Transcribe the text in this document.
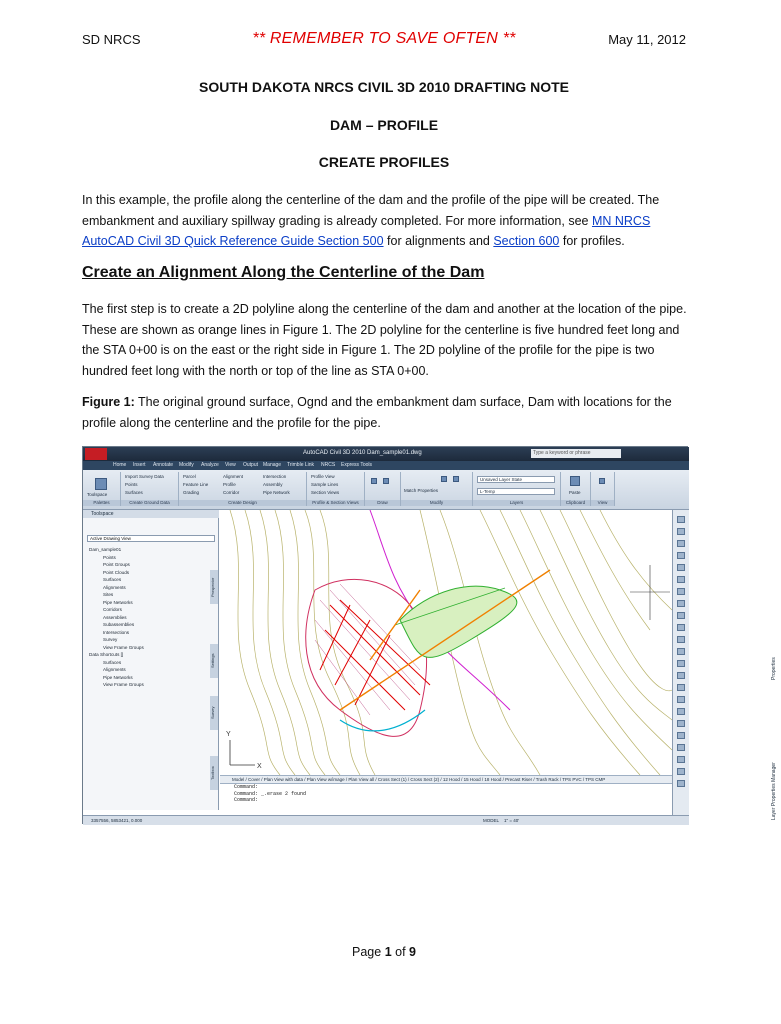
SD NRCS	** REMEMBER TO SAVE OFTEN **	May 11, 2012
SOUTH DAKOTA NRCS CIVIL 3D 2010 DRAFTING NOTE
DAM – PROFILE
CREATE PROFILES
In this example, the profile along the centerline of the dam and the profile of the pipe will be created. The embankment and auxiliary spillway grading is already completed. For more information, see MN NRCS AutoCAD Civil 3D Quick Reference Guide Section 500 for alignments and Section 600 for profiles.
Create an Alignment Along the Centerline of the Dam
The first step is to create a 2D polyline along the centerline of the dam and another at the location of the pipe. These are shown as orange lines in Figure 1. The 2D polyline for the centerline is five hundred feet long and the STA 0+00 is on the east or the right side in Figure 1. The 2D polyline of the profile for the pipe is two hundred feet long with the north or top of the line as STA 0+00.
Figure 1: The original ground surface, Ognd and the embankment dam surface, Dam with locations for the profile along the centerline and the profile for the pipe.
AutoCAD Civil 3D 2010 Dam_sample01.dwg	Type a keyword or phrase
Home Insert Annotate Modify Analyze View Output Manage Trimble Link NRCS Express Tools
Toolspace
Palettes
Import Survey Data
Points
Surfaces
Create Ground Data
Parcel
Feature Line
Grading
Alignment
Profile
Corridor
Intersection
Assembly
Pipe Network
Create Design
Profile View
Sample Lines
Section Views
Profile & Section Views	Draw
Match Properties
Modify
Unsaved Layer State
L-Temp
Layers
Paste
Clipboard	View
Toolspace
Active Drawing View
Dam_sample01
Points
Point Groups
Point Clouds
Surfaces
Alignments
Sites
Pipe Networks
Corridors
Assemblies
Subassemblies
Intersections
Survey
View Frame Groups
Data Shortcuts []
Surfaces
Alignments
Pipe Networks
View Frame Groups
Prospector
Settings
Survey
Toolbox
Y
X	Layer Properties Manager
Properties
Model / Cover / Plan View with data / Plan View w/image / Plan View all / Cross Sect (1) / Cross Sect (2) / 12 Hood / 15 Hood / 18 Hood / Precast Riser / Trash Rack / TPS PVC / TPS CMP
Command:
Command: _.erase 2 found
Command:
3357556, 5853421, 0.000	MODEL 1" = 40'
Page 1 of 9
